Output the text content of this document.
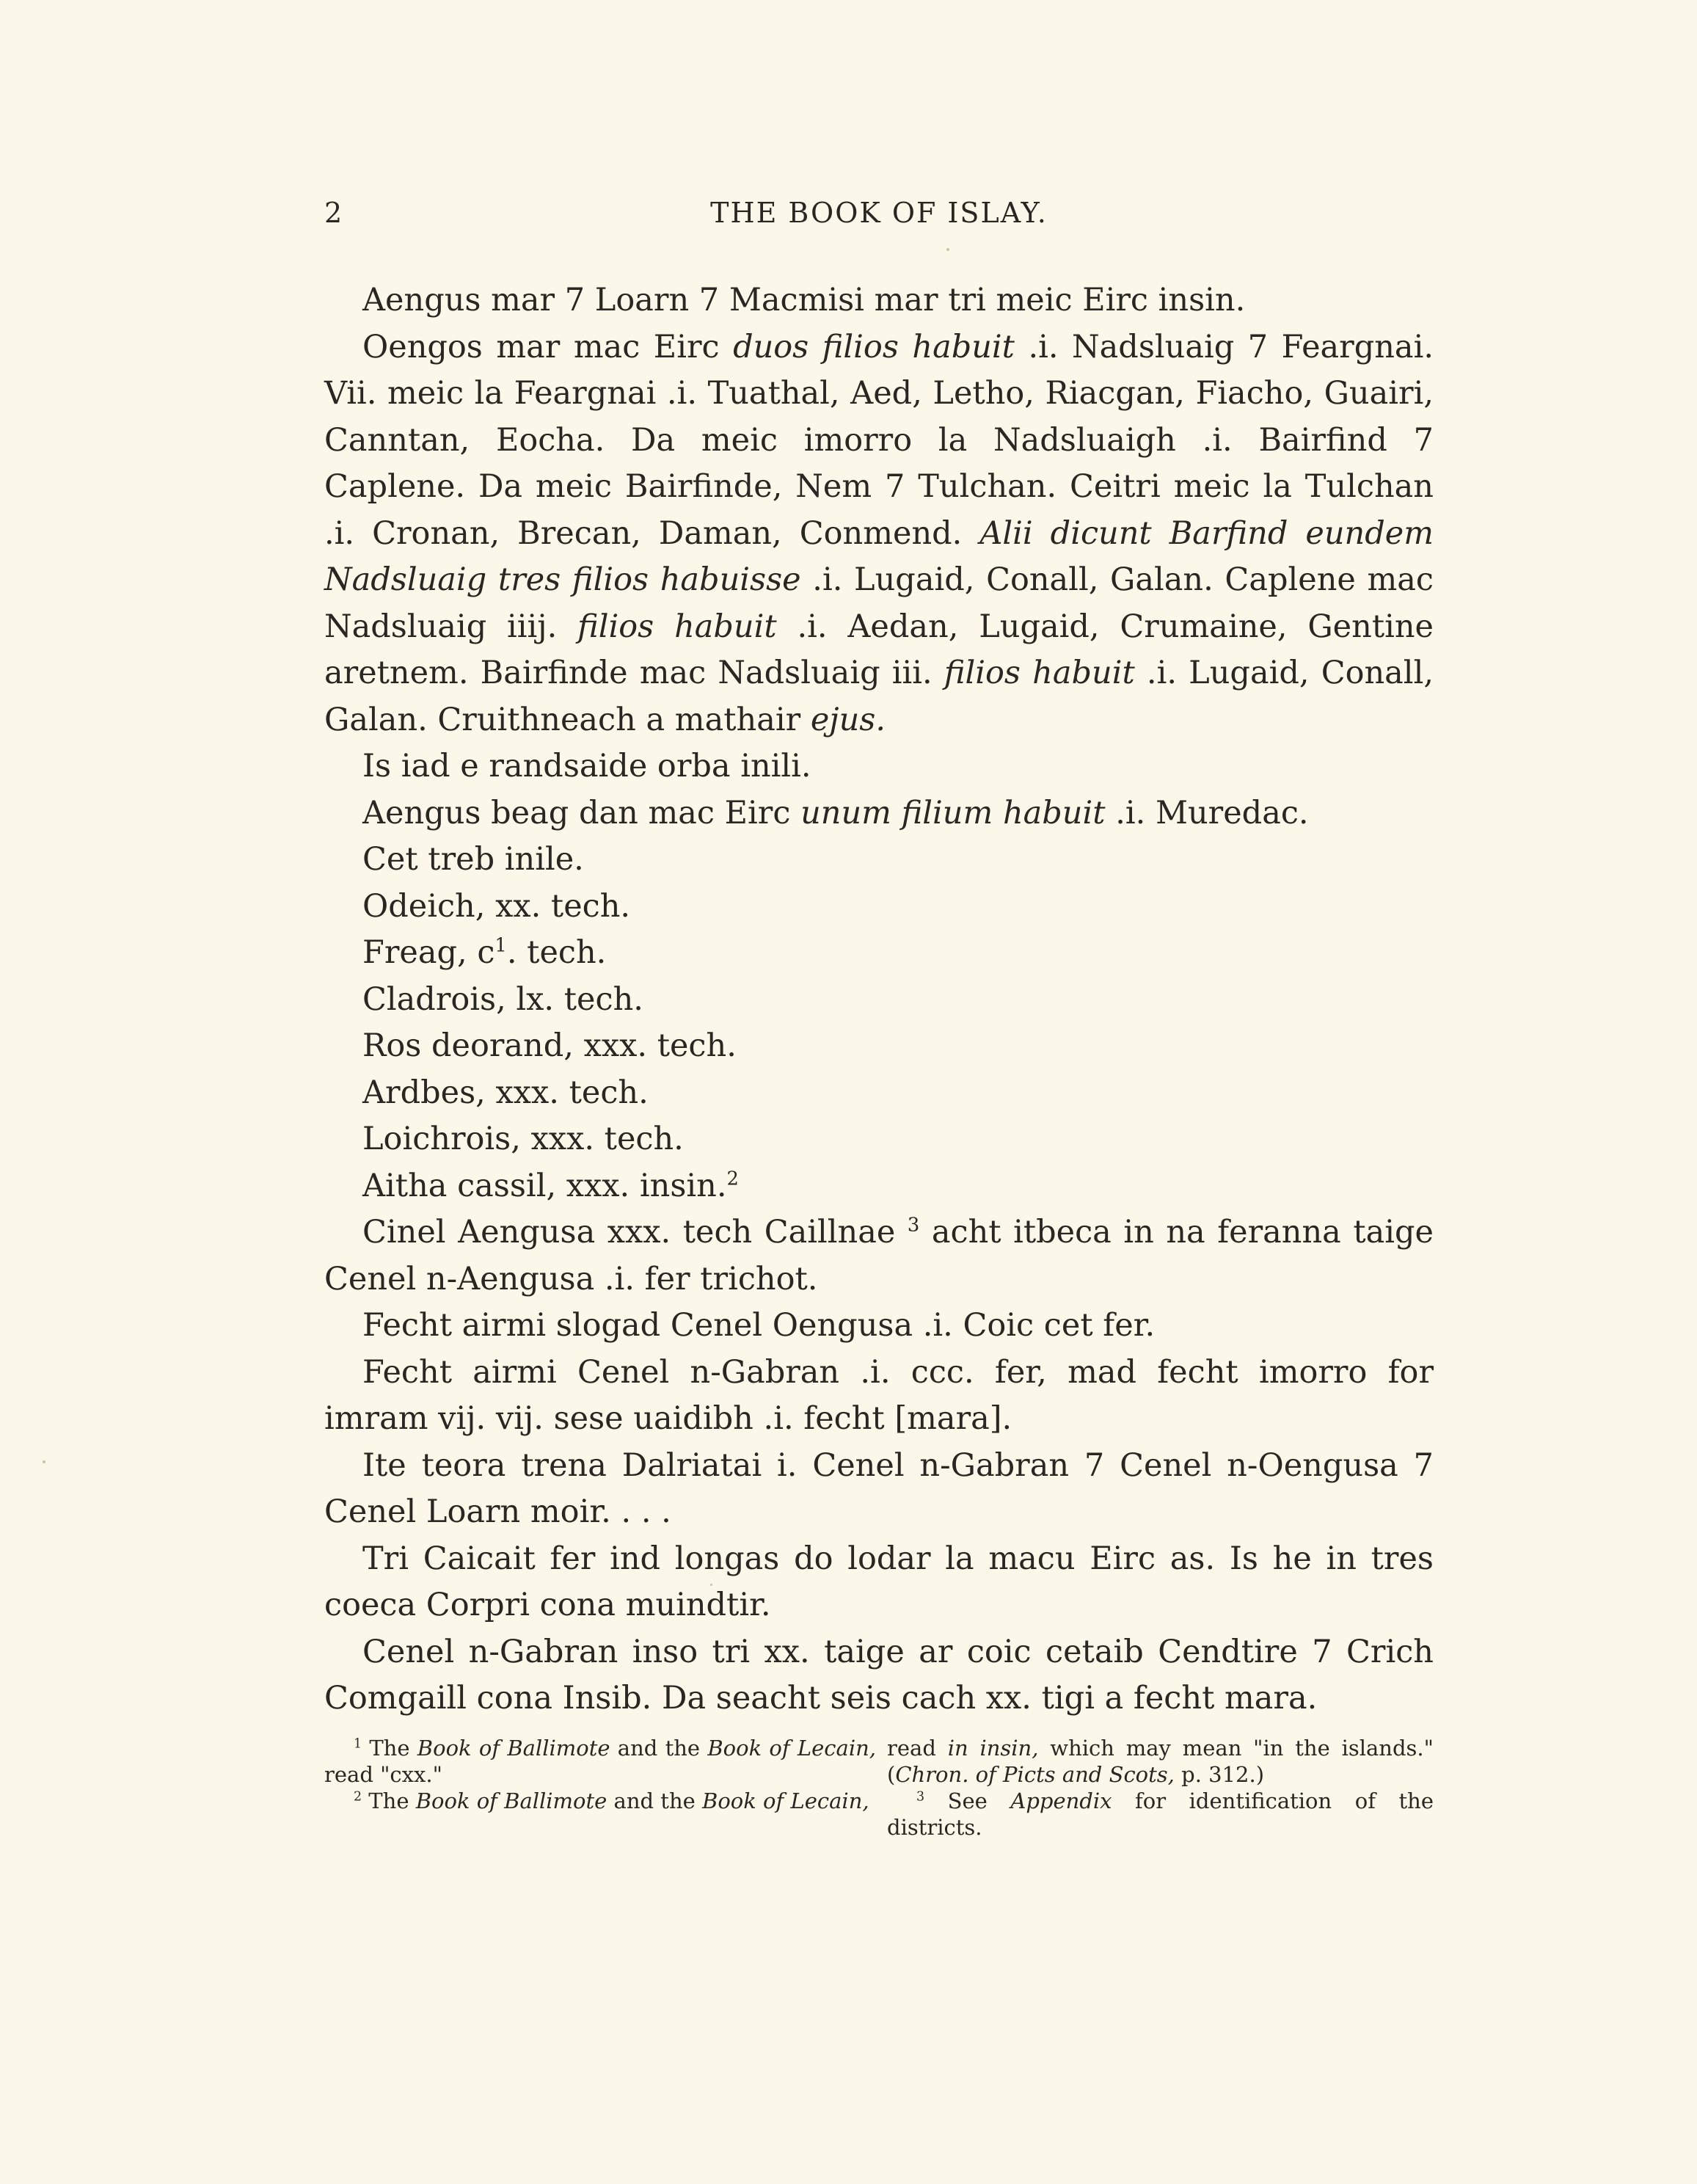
2	THE BOOK OF ISLAY.

Aengus mar 7 Loarn 7 Macmisi mar tri meic Eirc insin.

Oengos mar mac Eirc duos filios habuit .i. Nadsluaig 7 Feargnai. Vii. meic la Feargnai .i. Tuathal, Aed, Letho, Riacgan, Fiacho, Guairi, Canntan, Eocha. Da meic imorro la Nadsluaigh .i. Bairfind 7 Caplene. Da meic Bairfinde, Nem 7 Tulchan. Ceitri meic la Tulchan .i. Cronan, Brecan, Daman, Conmend. Alii dicunt Barfind eundem Nadsluaig tres filios habuisse .i. Lugaid, Conall, Galan. Caplene mac Nadsluaig iiij. filios habuit .i. Aedan, Lugaid, Crumaine, Gentine aretnem. Bairfinde mac Nadsluaig iii. filios habuit .i. Lugaid, Conall, Galan. Cruithneach a mathair ejus.

Is iad e randsaide orba inili.

Aengus beag dan mac Eirc unum filium habuit .i. Muredac.

Cet treb inile.

Odeich, xx. tech.

Freag, $c^1$. tech.

Cladrois, lx. tech.

Ros deorand, xxx. tech.

Ardbes, xxx. tech.

Loichrois, xxx. tech.

Aitha cassil, xxx. insin.$^2$

Cinel Aengusa xxx. tech Caillnae $^3$ acht itbeca in na feranna taige Cenel n-Aengusa .i. fer trichot.

Fecht airmi slogad Cenel Oengusa .i. Coic cet fer.

Fecht airmi Cenel n-Gabran .i. ccc. fer, mad fecht imorro for imram vij. vij. sese uaidibh .i. fecht [mara].

Ite teora trena Dalriatai i. Cenel n-Gabran 7 Cenel n-Oengusa 7 Cenel Loarn moir. . . .

Tri Caicait fer ind longas do lodar la macu Eirc as. Is he in tres coeca Corpri cona muindtir.

Cenel n-Gabran inso tri xx. taige ar coic cetaib Cendtire 7 Crich Comgaill cona Insib. Da seacht seis cach xx. tigi a fecht mara.

$^1$ The Book of Ballimote and the Book of Lecain, read "cxx."

$^2$ The Book of Ballimote and the Book of Lecain,

read in insin, which may mean "in the islands." (Chron. of Picts and Scots, p. 312.)

$^3$ See Appendix for identification of the districts.
